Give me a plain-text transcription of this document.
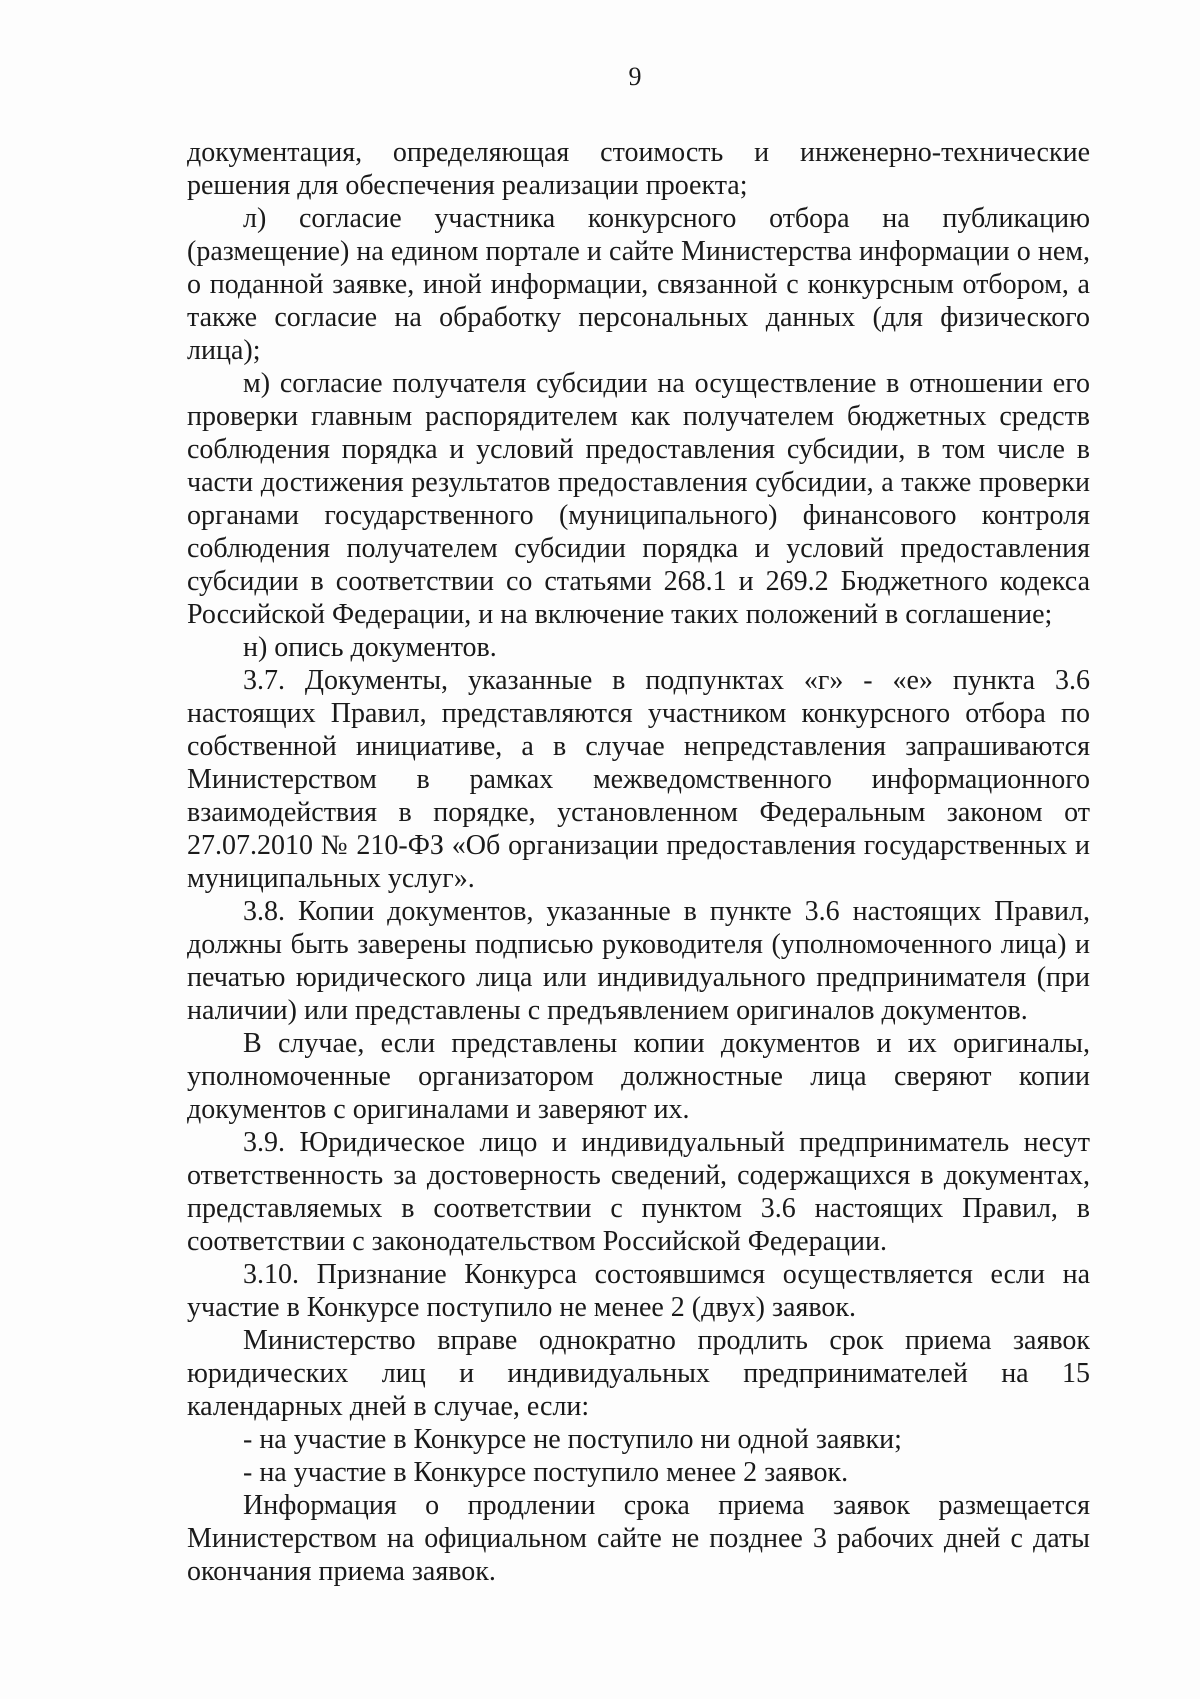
9

документация, определяющая стоимость и инженерно-технические решения для обеспечения реализации проекта;

л) согласие участника конкурсного отбора на публикацию (размещение) на едином портале и сайте Министерства информации о нем, о поданной заявке, иной информации, связанной с конкурсным отбором, а также согласие на обработку персональных данных (для физического лица);

м) согласие получателя субсидии на осуществление в отношении его проверки главным распорядителем как получателем бюджетных средств соблюдения порядка и условий предоставления субсидии, в том числе в части достижения результатов предоставления субсидии, а также проверки органами государственного (муниципального) финансового контроля соблюдения получателем субсидии порядка и условий предоставления субсидии в соответствии со статьями 268.1 и 269.2 Бюджетного кодекса Российской Федерации, и на включение таких положений в соглашение;

н) опись документов.

3.7. Документы, указанные в подпунктах «г» - «е» пункта 3.6 настоящих Правил, представляются участником конкурсного отбора по собственной инициативе, а в случае непредставления запрашиваются Министерством в рамках межведомственного информационного взаимодействия в порядке, установленном Федеральным законом от 27.07.2010 № 210-ФЗ «Об организации предоставления государственных и муниципальных услуг».

3.8. Копии документов, указанные в пункте 3.6 настоящих Правил, должны быть заверены подписью руководителя (уполномоченного лица) и печатью юридического лица или индивидуального предпринимателя (при наличии) или представлены с предъявлением оригиналов документов.

В случае, если представлены копии документов и их оригиналы, уполномоченные организатором должностные лица сверяют копии документов с оригиналами и заверяют их.

3.9. Юридическое лицо и индивидуальный предприниматель несут ответственность за достоверность сведений, содержащихся в документах, представляемых в соответствии с пунктом 3.6 настоящих Правил, в соответствии с законодательством Российской Федерации.

3.10. Признание Конкурса состоявшимся осуществляется если на участие в Конкурсе поступило не менее 2 (двух) заявок.

Министерство вправе однократно продлить срок приема заявок юридических лиц и индивидуальных предпринимателей на 15 календарных дней в случае, если:

- на участие в Конкурсе не поступило ни одной заявки;

- на участие в Конкурсе поступило менее 2 заявок.

Информация о продлении срока приема заявок размещается Министерством на официальном сайте не позднее 3 рабочих дней с даты окончания приема заявок.
